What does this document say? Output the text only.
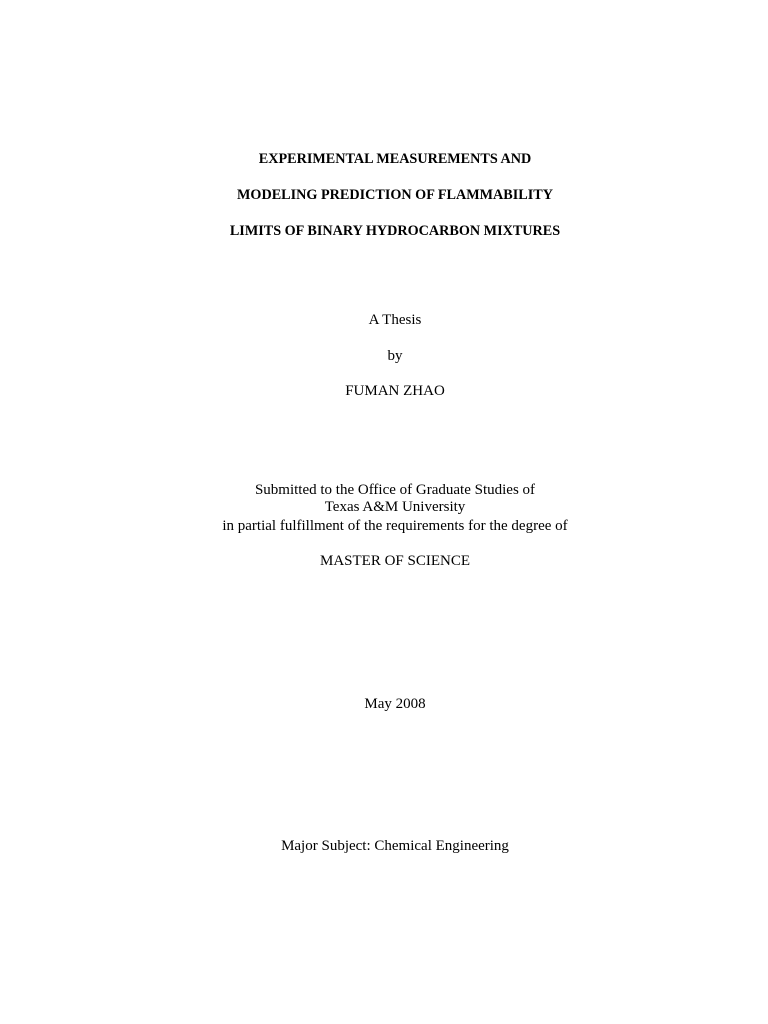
EXPERIMENTAL MEASUREMENTS AND
MODELING PREDICTION OF FLAMMABILITY
LIMITS OF BINARY HYDROCARBON MIXTURES
A Thesis
by
FUMAN ZHAO
Submitted to the Office of Graduate Studies of
Texas A&M University
in partial fulfillment of the requirements for the degree of
MASTER OF SCIENCE
May 2008
Major Subject: Chemical Engineering
